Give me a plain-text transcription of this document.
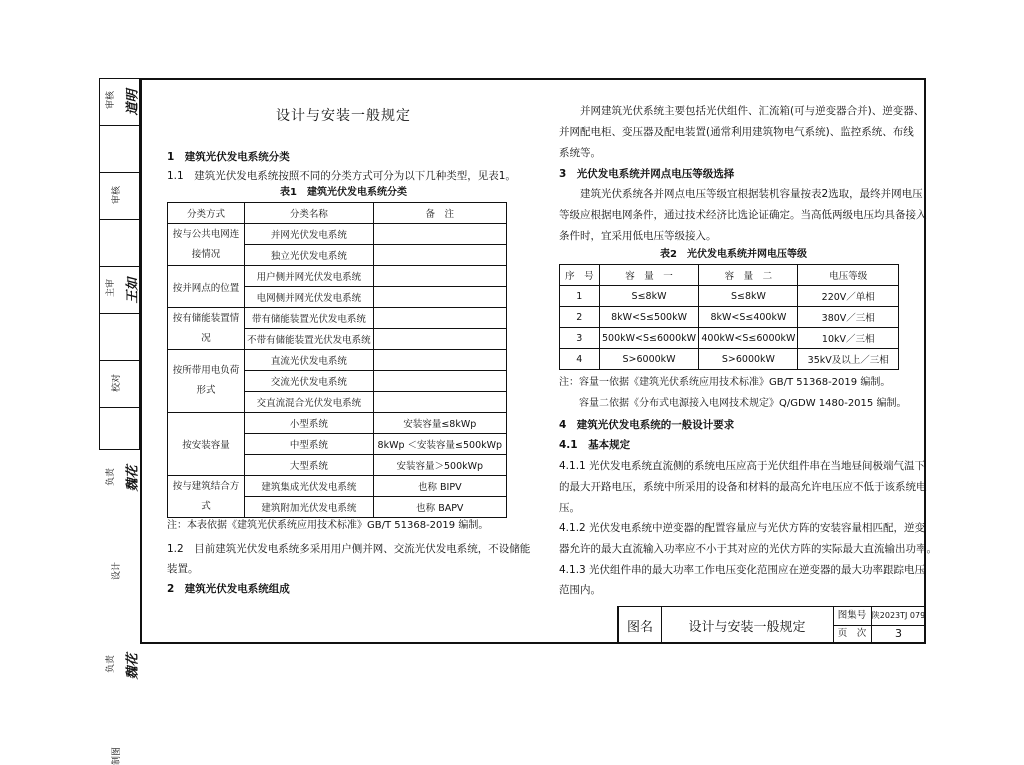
审核 道明
审核
主审 王如
校对
负责 魏花
设计
负责 魏花
制图
设计与安装一般规定
1　建筑光伏发电系统分类
1.1　建筑光伏发电系统按照不同的分类方式可分为以下几种类型，见表1。
表1　建筑光伏发电系统分类
分类方式	分类名称	备　注
按与公共电网连接情况	并网光伏发电系统	
	独立光伏发电系统	
按并网点的位置	用户侧并网光伏发电系统	
	电网侧并网光伏发电系统	
按有储能装置情况	带有储能装置光伏发电系统	
	不带有储能装置光伏发电系统	
按所带用电负荷形式	直流光伏发电系统	
	交流光伏发电系统	
	交直流混合光伏发电系统	
按安装容量	小型系统	安装容量≤8kWp
	中型系统	8kWp ＜安装容量≤500kWp
	大型系统	安装容量＞500kWp
按与建筑结合方式	建筑集成光伏发电系统	也称 BIPV
	建筑附加光伏发电系统	也称 BAPV
注：本表依据《建筑光伏系统应用技术标准》GB/T 51368-2019 编制。
1.2　目前建筑光伏发电系统多采用用户侧并网、交流光伏发电系统，不设储能
装置。
2　建筑光伏发电系统组成
　　并网建筑光伏系统主要包括光伏组件、汇流箱(可与逆变器合并)、逆变器、
并网配电柜、变压器及配电装置(通常利用建筑物电气系统)、监控系统、布线
系统等。
3　光伏发电系统并网点电压等级选择
　　建筑光伏系统各并网点电压等级宜根据装机容量按表2选取，最终并网电压
等级应根据电网条件，通过技术经济比选论证确定。当高低两级电压均具备接入
条件时，宜采用低电压等级接入。
表2　光伏发电系统并网电压等级
序　号	容　量　一	容　量　二	电压等级
1	S≤8kW	S≤8kW	220V／单相
2	8kW<S≤500kW	8kW<S≤400kW	380V／三相
3	500kW<S≤6000kW	400kW<S≤6000kW	10kV／三相
4	S>6000kW	S>6000kW	35kV及以上／三相
注：容量一依据《建筑光伏系统应用技术标准》GB/T 51368-2019 编制。
　　容量二依据《分布式电源接入电网技术规定》Q/GDW 1480-2015 编制。
4　建筑光伏发电系统的一般设计要求
4.1　基本规定
4.1.1 光伏发电系统直流侧的系统电压应高于光伏组件串在当地昼间极端气温下
的最大开路电压，系统中所采用的设备和材料的最高允许电压应不低于该系统电
压。
4.1.2 光伏发电系统中逆变器的配置容量应与光伏方阵的安装容量相匹配，逆变
器允许的最大直流输入功率应不小于其对应的光伏方阵的实际最大直流输出功率。
4.1.3 光伏组件串的最大功率工作电压变化范围应在逆变器的最大功率跟踪电压
范围内。
图名	设计与安装一般规定
图集号 陕2023TJ 079
页　次	3
